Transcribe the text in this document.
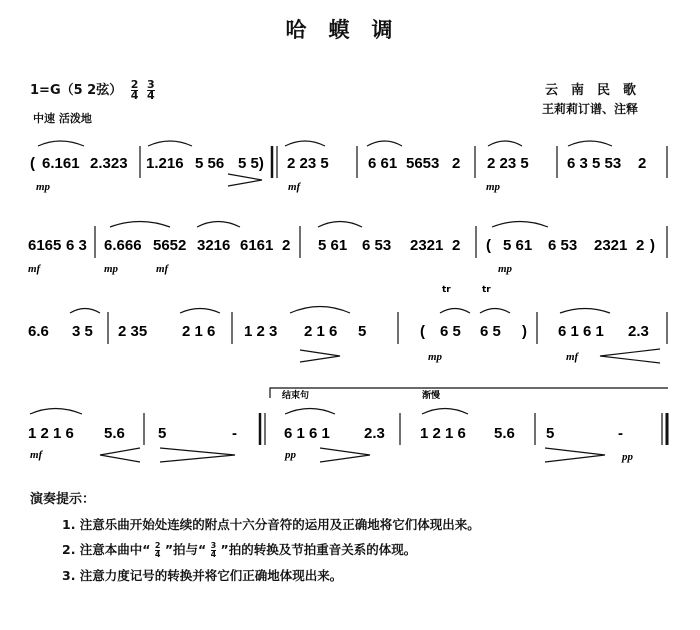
哈蟆调
1=G（5 2弦） $\frac{2}{4}$
$\frac{3}{4}$
中速 活泼地
云南民歌
王莉莉订谱、注释
( 6.161 2.323 1.216 5 56 5 5) 2 23 5	6 61 5653 2 2 23 5	6 3 5 53 2
6165 6 3 6.666 5652 3216 6161 2 5 61 6 53 2321 2 ( 5 61 6 53 2321 2 )
6.6 3 5 2 35 2 1 6 1 2 3 2 1 6 5	( 6 5 6 5 ) 6 1 6 1 2.3
1 2 1 6 5.6 5	-	6 1 6 1 2.3 1 2 1 6 5.6 5	-
mp	mf	mp
mf	mp	mf	mp
mp	mf
mf	pp	pp
结束句	渐慢
tr	tr
演奏提示：
1. 注意乐曲开始处连续的附点十六分音符的运用及正确地将它们体现出来。
2. 注意本曲中“ $\frac{2}{4}$ ”拍与“ $\frac{3}{4}$ ”拍的转换及节拍重音关系的体现。
3. 注意力度记号的转换并将它们正确地体现出来。
